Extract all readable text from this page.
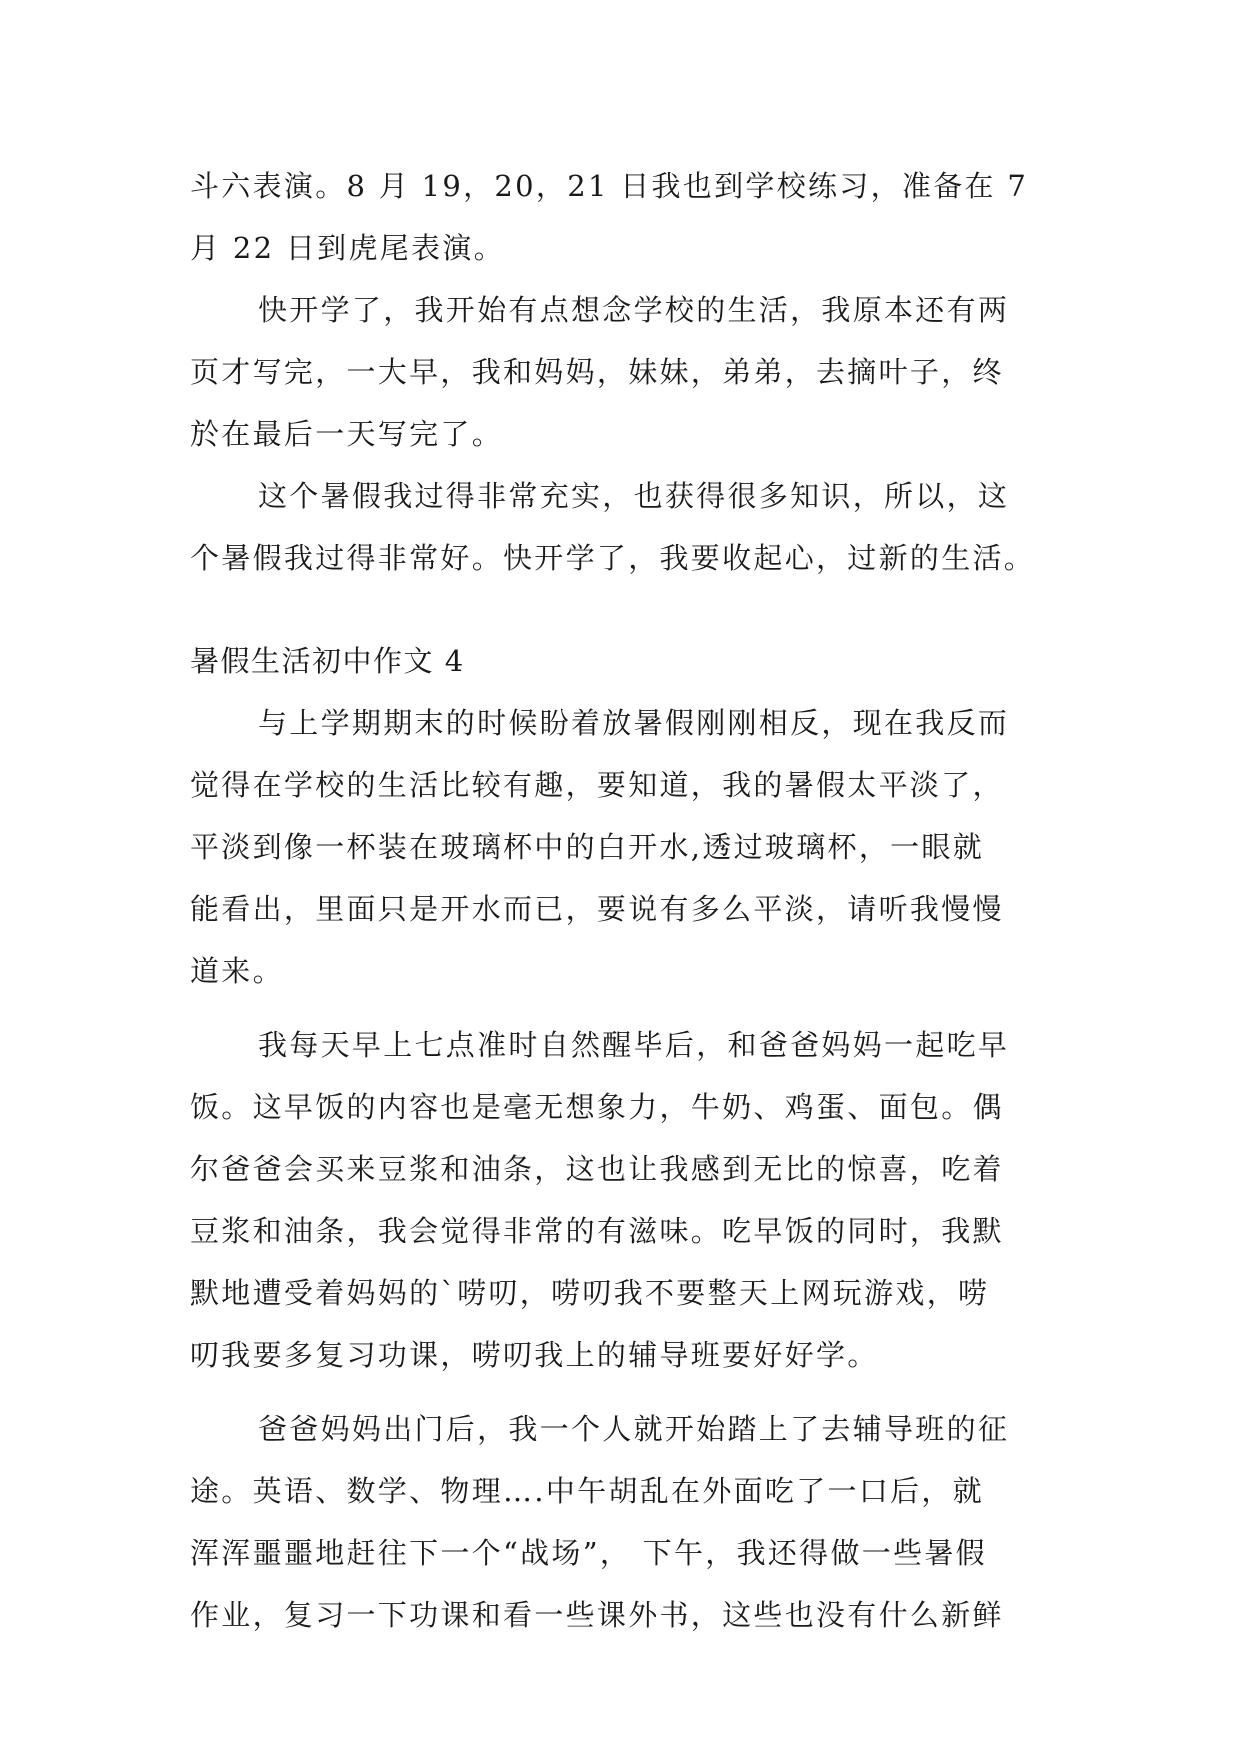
斗六表演。8 月 19，20，21 日我也到学校练习，准备在 7
月 22 日到虎尾表演。
快开学了，我开始有点想念学校的生活，我原本还有两
页才写完，一大早，我和妈妈，妹妹，弟弟，去摘叶子，终
於在最后一天写完了。
这个暑假我过得非常充实，也获得很多知识，所以，这
个暑假我过得非常好。快开学了，我要收起心，过新的生活。
暑假生活初中作文 4
与上学期期末的时候盼着放暑假刚刚相反，现在我反而
觉得在学校的生活比较有趣，要知道，我的暑假太平淡了，
平淡到像一杯装在玻璃杯中的白开水,透过玻璃杯，一眼就
能看出，里面只是开水而已，要说有多么平淡，请听我慢慢
道来。
我每天早上七点准时自然醒毕后，和爸爸妈妈一起吃早
饭。这早饭的内容也是毫无想象力，牛奶、鸡蛋、面包。偶
尔爸爸会买来豆浆和油条，这也让我感到无比的惊喜，吃着
豆浆和油条，我会觉得非常的有滋味。吃早饭的同时，我默
默地遭受着妈妈的`唠叨，唠叨我不要整天上网玩游戏，唠
叨我要多复习功课，唠叨我上的辅导班要好好学。
爸爸妈妈出门后，我一个人就开始踏上了去辅导班的征
途。英语、数学、物理….中午胡乱在外面吃了一口后，就
浑浑噩噩地赶往下一个“战场”， 下午，我还得做一些暑假
作业，复习一下功课和看一些课外书，这些也没有什么新鲜
